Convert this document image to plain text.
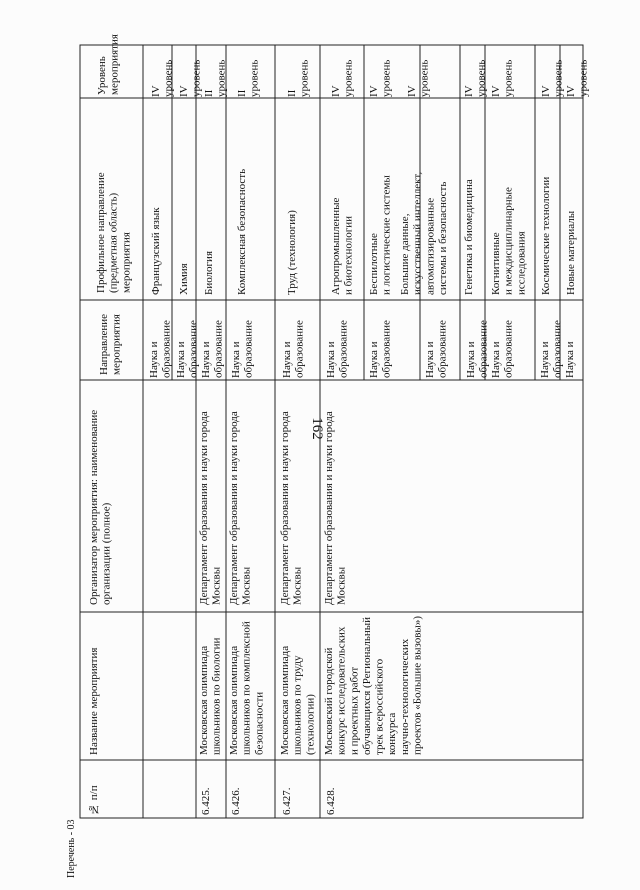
162
№ п/п
Название мероприятия
Организатор мероприятия: наименование
организации (полное)
Направление
мероприятия
Профильное направление
(предметная область)
мероприятия
Уровень
мероприятия
Наука и
образование
Французский язык
IV уровень
Наука и
образование
Химия
IV уровень
6.425.
Московская олимпиада
школьников по биологии
Департамент образования и науки города
Москвы
Наука и
образование
Биология
II уровень
6.426.
Московская олимпиада
школьников по комплексной
безопасности
Департамент образования и науки города
Москвы
Наука и
образование
Комплексная безопасность
II уровень
6.427.
Московская олимпиада
школьников по труду
(технологии)
Департамент образования и науки города
Москвы
Наука и
образование
Труд (технология)
II уровень
6.428.
Московский городской
конкурс исследовательских
и проектных работ
обучающихся (Региональный
трек всероссийского конкурса
научно-технологических
проектов «Большие вызовы»)
Департамент образования и науки города
Москвы
Наука и
образование
Агропромышленные
и биотехнологии
IV уровень
Наука и
образование
Беспилотные
и логистические системы
IV уровень
Наука и
образование
Большие данные,
искусственный интеллект,
автоматизированные
системы и безопасность
IV уровень
Наука и
образование
Генетика и биомедицина
IV уровень
Наука и
образование
Когнитивные
и междисциплинарные
исследования
IV уровень
Наука и
образование
Космические технологии
IV уровень
Наука и
Новые материалы
IV уровень
Перечень - 03
